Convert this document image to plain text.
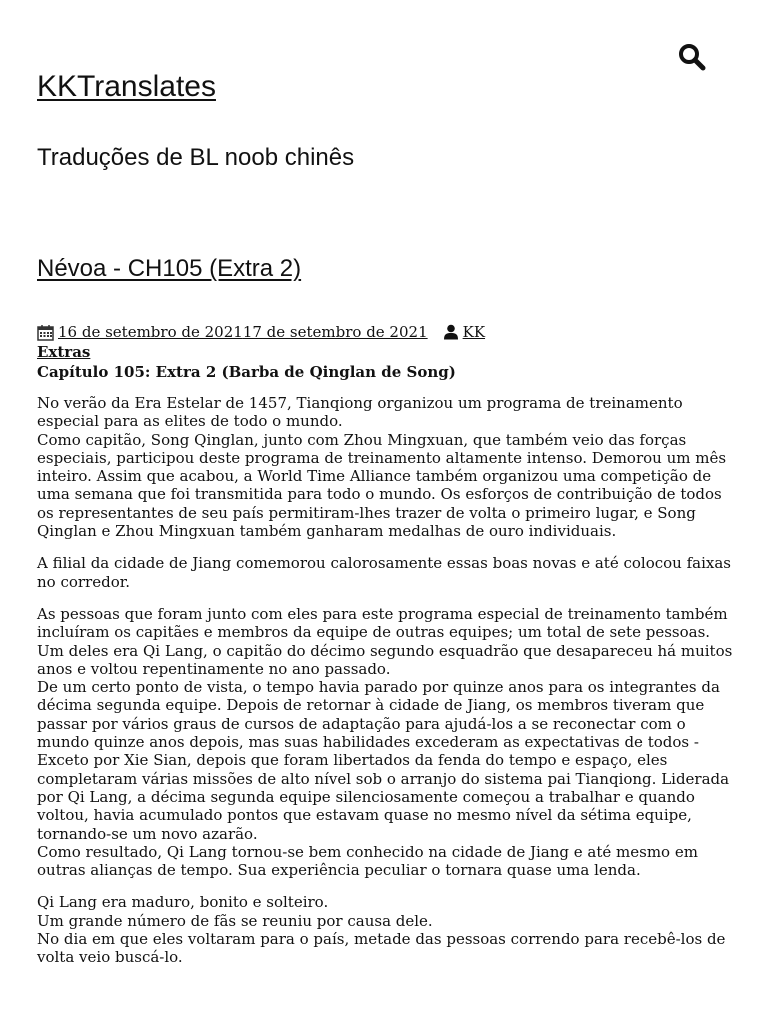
KKTranslates

Traduções de BL noob chinês

Névoa - CH105 (Extra 2)
16 de setembro de 202117 de setembro de 2021 KK
Extras
Capítulo 105: Extra 2 (Barba de Qinglan de Song)

No verão da Era Estelar de 1457, Tianqiong organizou um programa de treinamento especial para as elites de todo o mundo.
Como capitão, Song Qinglan, junto com Zhou Mingxuan, que também veio das forças especiais, participou deste programa de treinamento altamente intenso. Demorou um mês inteiro. Assim que acabou, a World Time Alliance também organizou uma competição de uma semana que foi transmitida para todo o mundo. Os esforços de contribuição de todos os representantes de seu país permitiram-lhes trazer de volta o primeiro lugar, e Song Qinglan e Zhou Mingxuan também ganharam medalhas de ouro individuais.

A filial da cidade de Jiang comemorou calorosamente essas boas novas e até colocou faixas no corredor.

As pessoas que foram junto com eles para este programa especial de treinamento também incluíram os capitães e membros da equipe de outras equipes; um total de sete pessoas. Um deles era Qi Lang, o capitão do décimo segundo esquadrão que desapareceu há muitos anos e voltou repentinamente no ano passado.
De um certo ponto de vista, o tempo havia parado por quinze anos para os integrantes da décima segunda equipe. Depois de retornar à cidade de Jiang, os membros tiveram que passar por vários graus de cursos de adaptação para ajudá-los a se reconectar com o mundo quinze anos depois, mas suas habilidades excederam as expectativas de todos - Exceto por Xie Sian, depois que foram libertados da fenda do tempo e espaço, eles completaram várias missões de alto nível sob o arranjo do sistema pai Tianqiong. Liderada por Qi Lang, a décima segunda equipe silenciosamente começou a trabalhar e quando voltou, havia acumulado pontos que estavam quase no mesmo nível da sétima equipe, tornando-se um novo azarão.
Como resultado, Qi Lang tornou-se bem conhecido na cidade de Jiang e até mesmo em outras alianças de tempo. Sua experiência peculiar o tornara quase uma lenda.

Qi Lang era maduro, bonito e solteiro.
Um grande número de fãs se reuniu por causa dele.
No dia em que eles voltaram para o país, metade das pessoas correndo para recebê-los de volta veio buscá-lo.
